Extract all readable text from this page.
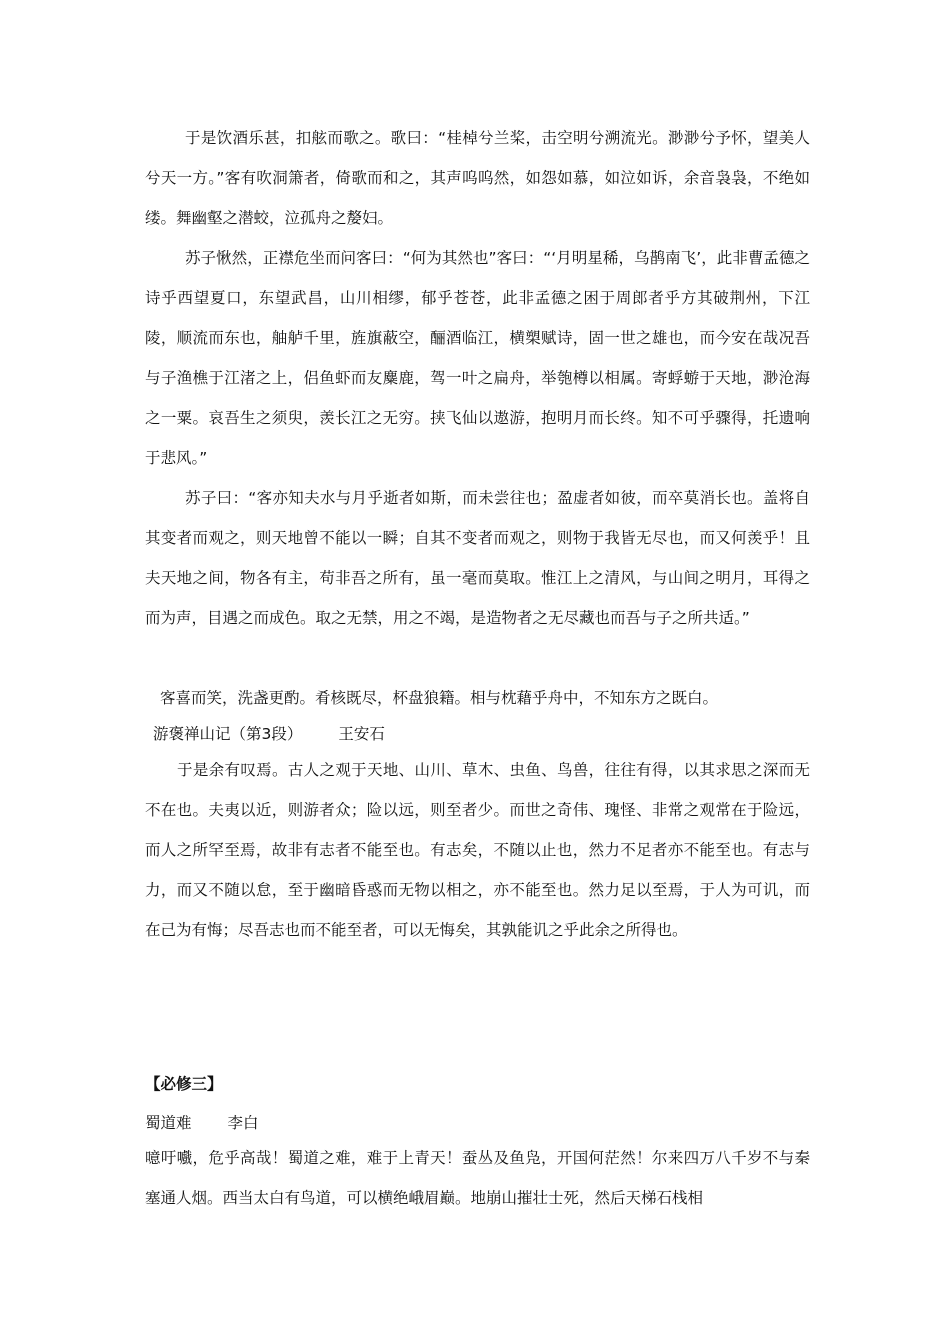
于是饮酒乐甚，扣舷而歌之。歌曰：“桂棹兮兰桨，击空明兮溯流光。渺渺兮予怀，望美人兮天一方。”客有吹洞箫者，倚歌而和之，其声呜呜然，如怨如慕，如泣如诉，余音袅袅，不绝如缕。舞幽壑之潜蛟，泣孤舟之嫠妇。

苏子愀然，正襟危坐而问客曰：“何为其然也”客曰：“‘月明星稀，乌鹊南飞’，此非曹孟德之诗乎西望夏口，东望武昌，山川相缪，郁乎苍苍，此非孟德之困于周郎者乎方其破荆州，下江陵，顺流而东也，舳舻千里，旌旗蔽空，酾酒临江，横槊赋诗，固一世之雄也，而今安在哉况吾与子渔樵于江渚之上，侣鱼虾而友麋鹿，驾一叶之扁舟，举匏樽以相属。寄蜉蝣于天地，渺沧海之一粟。哀吾生之须臾，羡长江之无穷。挟飞仙以遨游，抱明月而长终。知不可乎骤得，托遗响于悲风。”

苏子曰：“客亦知夫水与月乎逝者如斯，而未尝往也；盈虚者如彼，而卒莫消长也。盖将自其变者而观之，则天地曾不能以一瞬；自其不变者而观之，则物于我皆无尽也，而又何羡乎！且夫天地之间，物各有主，苟非吾之所有，虽一毫而莫取。惟江上之清风，与山间之明月，耳得之而为声，目遇之而成色。取之无禁，用之不竭，是造物者之无尽藏也而吾与子之所共适。”

客喜而笑，洗盏更酌。肴核既尽，杯盘狼籍。相与枕藉乎舟中，不知东方之既白。

游褒禅山记（第3段） 王安石

于是余有叹焉。古人之观于天地、山川、草木、虫鱼、鸟兽，往往有得，以其求思之深而无不在也。夫夷以近，则游者众；险以远，则至者少。而世之奇伟、瑰怪、非常之观常在于险远，而人之所罕至焉，故非有志者不能至也。有志矣，不随以止也，然力不足者亦不能至也。有志与力，而又不随以怠，至于幽暗昏惑而无物以相之，亦不能至也。然力足以至焉，于人为可讥，而在己为有悔；尽吾志也而不能至者，可以无悔矣，其孰能讥之乎此余之所得也。

【必修三】
蜀道难 李白

噫吁嚱，危乎高哉！蜀道之难，难于上青天！蚕丛及鱼凫，开国何茫然！尔来四万八千岁不与秦塞通人烟。西当太白有鸟道，可以横绝峨眉巅。地崩山摧壮士死，然后天梯石栈相
